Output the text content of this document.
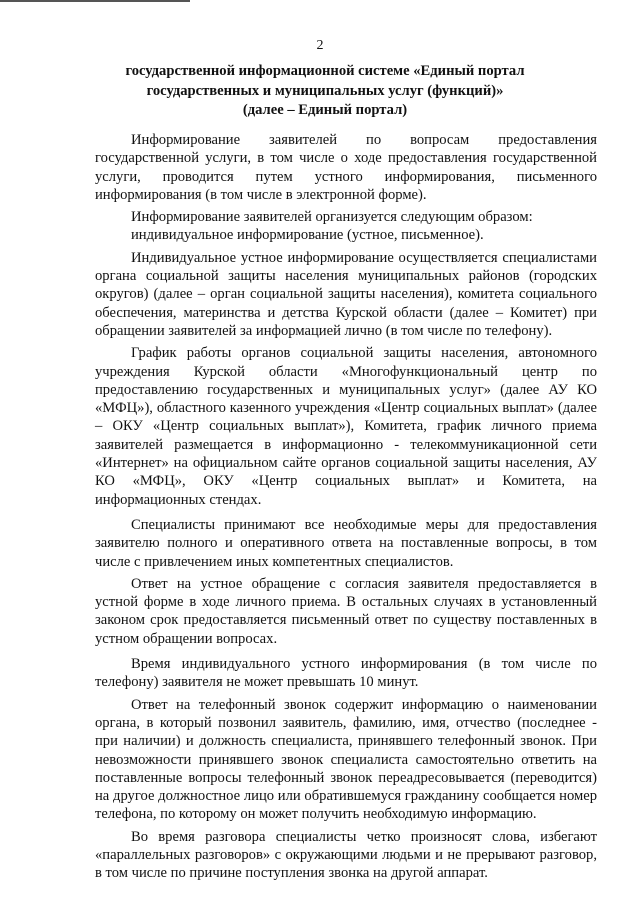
2
государственной информационной системе «Единый портал
государственных и муниципальных услуг (функций)»
(далее – Единый портал)

Информирование заявителей по вопросам предоставления государственной услуги, в том числе о ходе предоставления государственной услуги, проводится путем устного информирования, письменного информирования (в том числе в электронной форме).

Информирование заявителей организуется следующим образом:

индивидуальное информирование (устное, письменное).

Индивидуальное устное информирование осуществляется специалистами органа социальной защиты населения муниципальных районов (городских округов) (далее – орган социальной защиты населения), комитета социального обеспечения, материнства и детства Курской области (далее – Комитет) при обращении заявителей за информацией лично (в том числе по телефону).

График работы органов социальной защиты населения, автономного учреждения Курской области «Многофункциональный центр по предоставлению государственных и муниципальных услуг» (далее АУ КО «МФЦ»), областного казенного учреждения «Центр социальных выплат» (далее – ОКУ «Центр социальных выплат»), Комитета, график личного приема заявителей размещается в информационно - телекоммуникационной сети «Интернет» на официальном сайте органов социальной защиты населения, АУ КО «МФЦ», ОКУ «Центр социальных выплат» и Комитета, на информационных стендах.

Специалисты принимают все необходимые меры для предоставления заявителю полного и оперативного ответа на поставленные вопросы, в том числе с привлечением иных компетентных специалистов.

Ответ на устное обращение с согласия заявителя предоставляется в устной форме в ходе личного приема. В остальных случаях в установленный законом срок предоставляется письменный ответ по существу поставленных в устном обращении вопросах.

Время индивидуального устного информирования (в том числе по телефону) заявителя не может превышать 10 минут.

Ответ на телефонный звонок содержит информацию о наименовании органа, в который позвонил заявитель, фамилию, имя, отчество (последнее - при наличии) и должность специалиста, принявшего телефонный звонок. При невозможности принявшего звонок специалиста самостоятельно ответить на поставленные вопросы телефонный звонок переадресовывается (переводится) на другое должностное лицо или обратившемуся гражданину сообщается номер телефона, по которому он может получить необходимую информацию.

Во время разговора специалисты четко произносят слова, избегают «параллельных разговоров» с окружающими людьми и не прерывают разговор, в том числе по причине поступления звонка на другой аппарат.
